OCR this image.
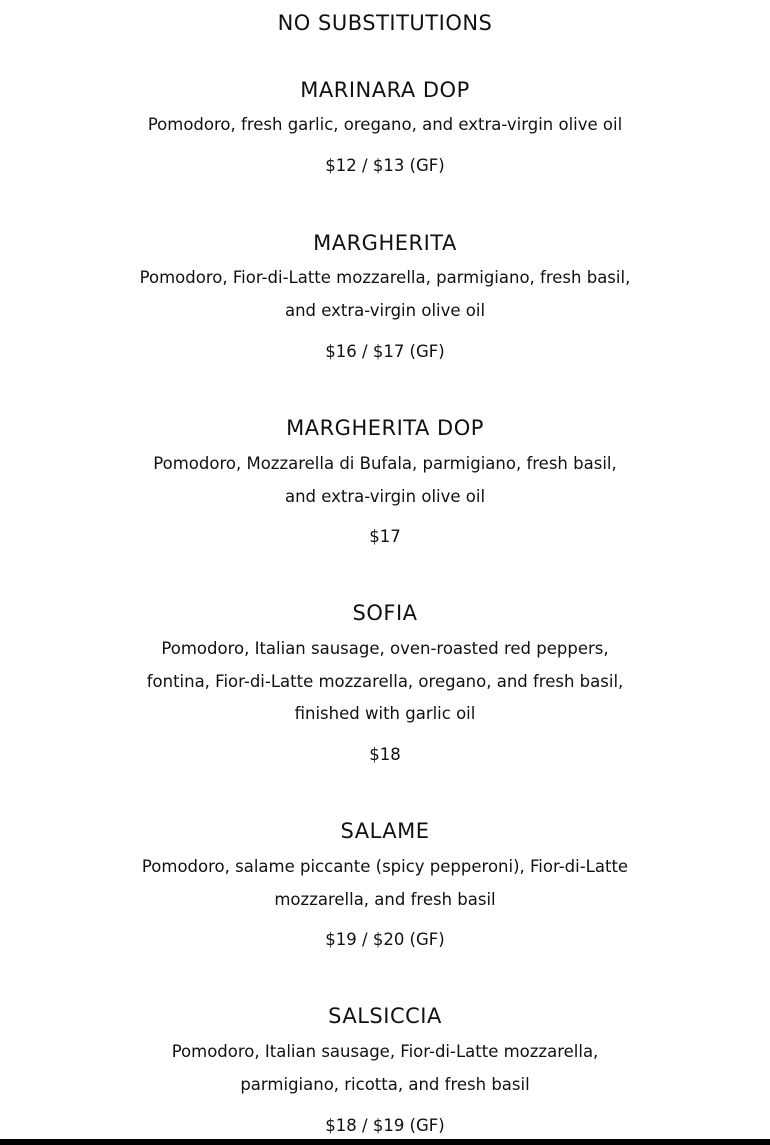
NO SUBSTITUTIONS
MARINARA DOP
Pomodoro, fresh garlic, oregano, and extra-virgin olive oil
$12 / $13 (GF)
MARGHERITA
Pomodoro, Fior-di-Latte mozzarella, parmigiano, fresh basil,
and extra-virgin olive oil
$16 / $17 (GF)
MARGHERITA DOP
Pomodoro, Mozzarella di Bufala, parmigiano, fresh basil,
and extra-virgin olive oil
$17
SOFIA
Pomodoro, Italian sausage, oven-roasted red peppers,
fontina, Fior-di-Latte mozzarella, oregano, and fresh basil,
finished with garlic oil
$18
SALAME
Pomodoro, salame piccante (spicy pepperoni), Fior-di-Latte
mozzarella, and fresh basil
$19 / $20 (GF)
SALSICCIA
Pomodoro, Italian sausage, Fior-di-Latte mozzarella,
parmigiano, ricotta, and fresh basil
$18 / $19 (GF)
